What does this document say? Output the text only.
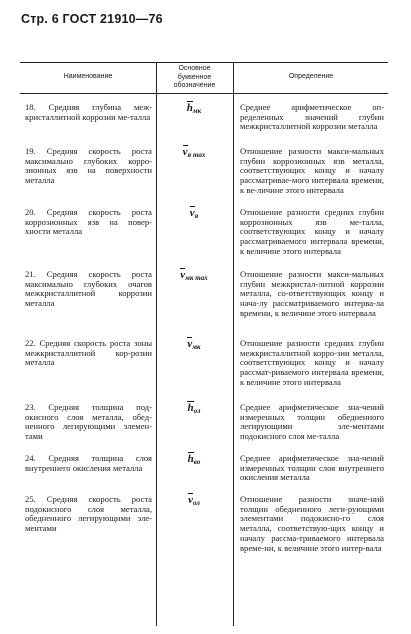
Стр. 6 ГОСТ 21910—76
Наименование
Основное
буквенное
обозначение
Определение
18. Средняя глубина меж-кристаллитной коррозии ме-талла
$h_{мк}$	Среднее арифметическое оп-ределенных значений глубин межкристаллитной коррозии металла
19. Средняя скорость роста максимально глубоких корро-зионных язв на поверхности металла
$v_{я max}$	Отношение разности макси-мальных глубин коррозионных язв металла, соответствующих концу и началу рассматривае-мого интервала времени, к ве-личине этого интервала
20. Средняя скорость роста коррозионных язв на повер-хности металла
$v_я$	Отношение разности средних глубин коррозионных язв ме-талла, соответствующих концу и началу рассматриваемого интервала времени, к величине этого интервала
21. Средняя скорость роста максимально глубоких очагов межкристаллитной коррозии металла
$v_{мк max}$	Отношение разности макси-мальных глубин межкристал-литной коррозии металла, со-ответствующих концу и нача-лу рассматриваемого интерва-ла времени, к величине этого интервала
22. Средняя скорость роста зоны межкристаллитной кор-розии металла
$v_{мк}$	Отношение разности средних глубин межкристаллитной корро-зии металла, соответствующих концу и началу рассмат-риваемого интервала времени, к величине этого интервала
23. Средняя толщина под-окисного слоя металла, обед-ненного легирующими элемен-тами
$h_{ол}$	Среднее арифметическое зна-чений измеренных толщин обедненного легирующими эле-ментами подокисного слоя ме-талла
24. Средняя толщина слоя внутреннего окисления металла
$h_{во}$	Среднее арифметическое зна-чений измеренных толщин слоя внутреннего окисления металла
25. Средняя скорость роста подокисного слоя металла, обедненного легирующими эле-ментами
$v_{ол}$	Отношение разности значе-ний толщин обедненного леги-рующими элементами подокисно-го слоя металла, соответствую-щих концу и началу рассма-триваемого интервала време-ни, к величине этого интер-вала
